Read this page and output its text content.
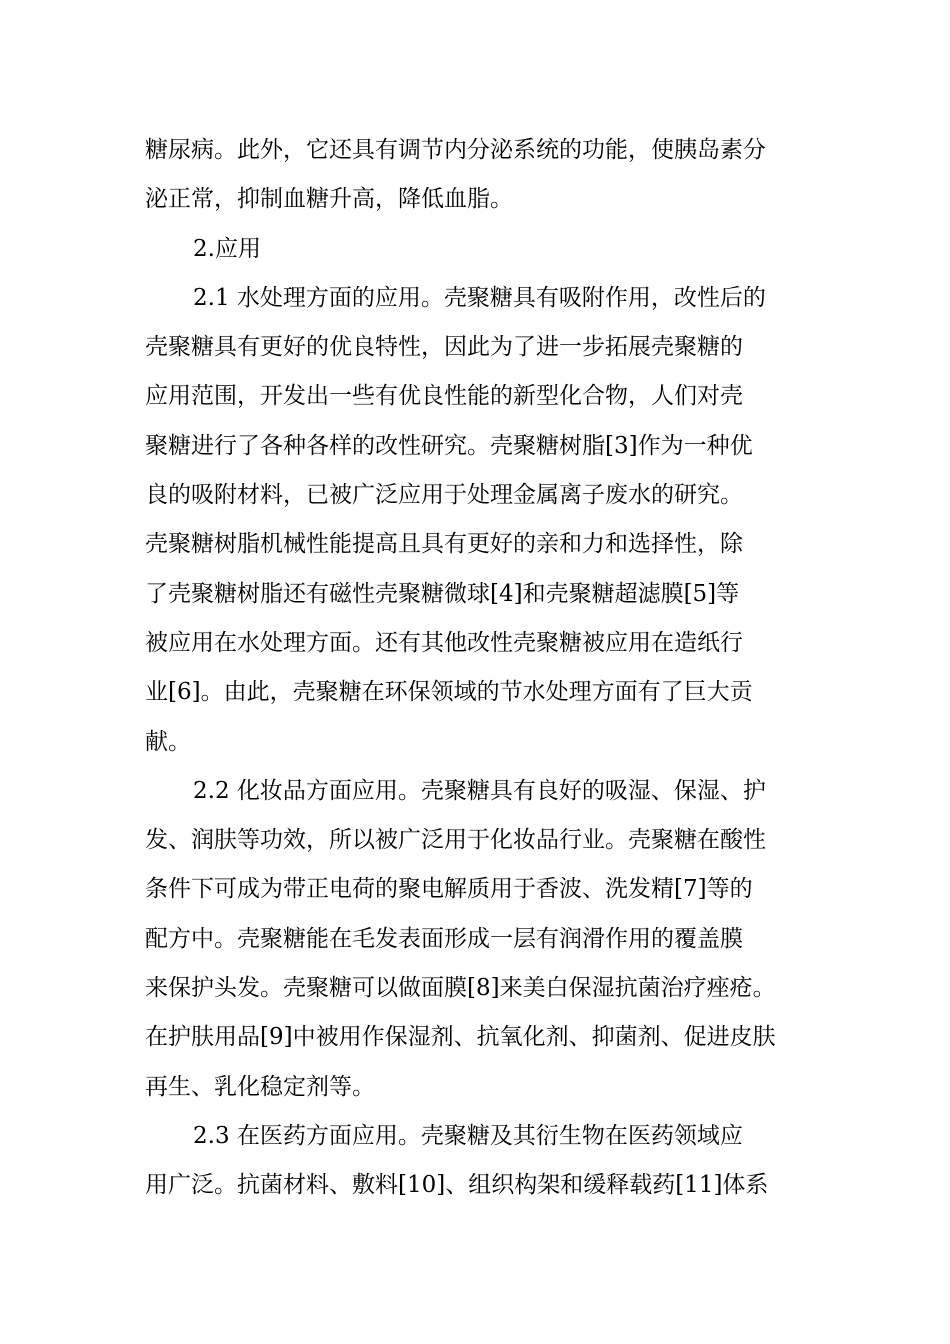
糖尿病。此外，它还具有调节内分泌系统的功能，使胰岛素分
泌正常，抑制血糖升高，降低血脂。
2.应用
2.1 水处理方面的应用。壳聚糖具有吸附作用，改性后的
壳聚糖具有更好的优良特性，因此为了进一步拓展壳聚糖的
应用范围，开发出一些有优良性能的新型化合物，人们对壳
聚糖进行了各种各样的改性研究。壳聚糖树脂[3]作为一种优
良的吸附材料，已被广泛应用于处理金属离子废水的研究。
壳聚糖树脂机械性能提高且具有更好的亲和力和选择性，除
了壳聚糖树脂还有磁性壳聚糖微球[4]和壳聚糖超滤膜[5]等
被应用在水处理方面。还有其他改性壳聚糖被应用在造纸行
业[6]。由此，壳聚糖在环保领域的节水处理方面有了巨大贡
献。
2.2 化妆品方面应用。壳聚糖具有良好的吸湿、保湿、护
发、润肤等功效，所以被广泛用于化妆品行业。壳聚糖在酸性
条件下可成为带正电荷的聚电解质用于香波、洗发精[7]等的
配方中。壳聚糖能在毛发表面形成一层有润滑作用的覆盖膜
来保护头发。壳聚糖可以做面膜[8]来美白保湿抗菌治疗痤疮。
在护肤用品[9]中被用作保湿剂、抗氧化剂、抑菌剂、促进皮肤
再生、乳化稳定剂等。
2.3 在医药方面应用。壳聚糖及其衍生物在医药领域应
用广泛。抗菌材料、敷料[10]、组织构架和缓释载药[11]体系
